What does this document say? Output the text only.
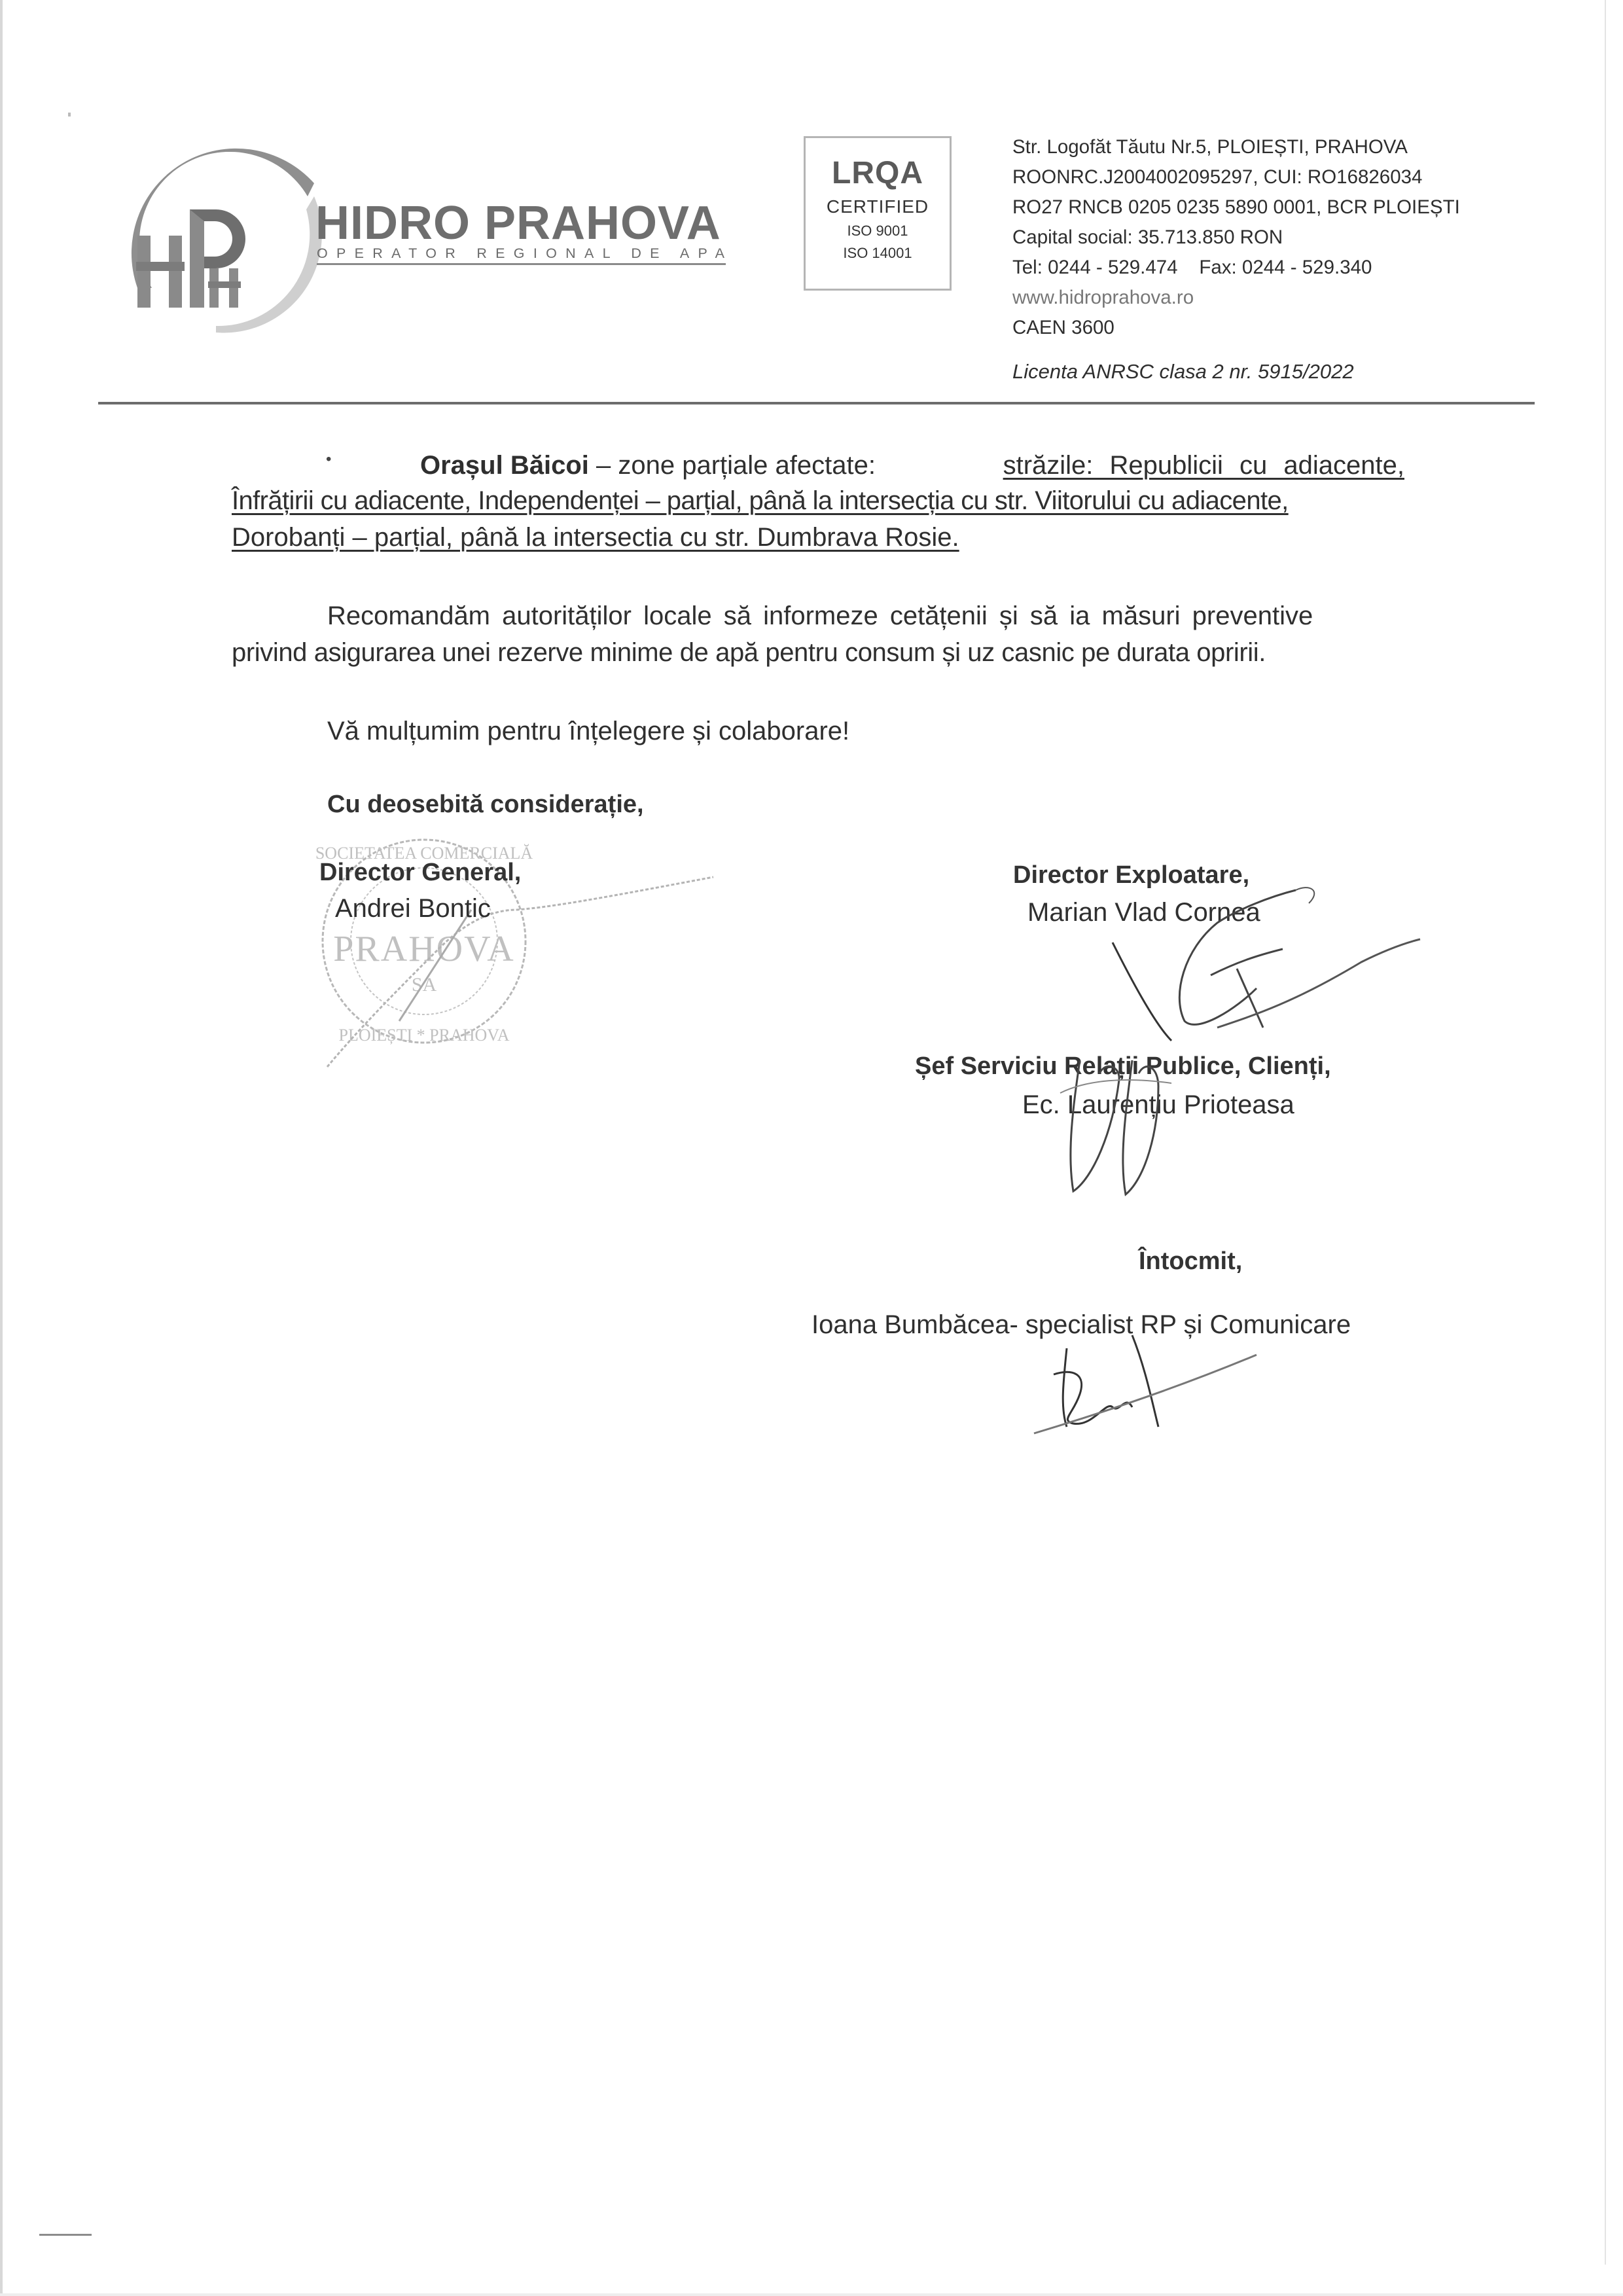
HPH
HIDRO PRAHOVA
OPERATOR REGIONAL DE APA
LRQA
CERTIFIED
ISO 9001
ISO 14001
Str. Logofăt Tăutu Nr.5, PLOIEȘTI, PRAHOVA
ROONRC.J2004002095297, CUI: RO16826034
RO27 RNCB 0205 0235 5890 0001, BCR PLOIEȘTI
Capital social: 35.713.850 RON
Tel: 0244 - 529.474    Fax: 0244 - 529.340
www.hidroprahova.ro
CAEN 3600
Licenta ANRSC clasa 2 nr. 5915/2022
•	Orașul Băicoi – zone parțiale afectate:	străzile: Republicii cu adiacente,
Înfrățirii cu adiacente, Independenței – parțial, până la intersecția cu str. Viitorului cu adiacente,
Dorobanți – parțial, până la intersectia cu str. Dumbrava Rosie.
Recomandăm autorităților locale să informeze cetățenii și să ia măsuri preventive
privind asigurarea unei rezerve minime de apă pentru consum și uz casnic pe durata opririi.
Vă mulțumim pentru înțelegere și colaborare!
Cu deosebită considerație,
PRAHOVA
SA
PLOIEȘTI * PRAHOVA
SOCIETATEA COMERCIALĂ
Director General,
Andrei Bontic
Director Exploatare,
Marian Vlad Cornea
Șef Serviciu Relații Publice, Clienți,
Ec. Laurențiu Prioteasa
Întocmit,
Ioana Bumbăcea- specialist RP și Comunicare
